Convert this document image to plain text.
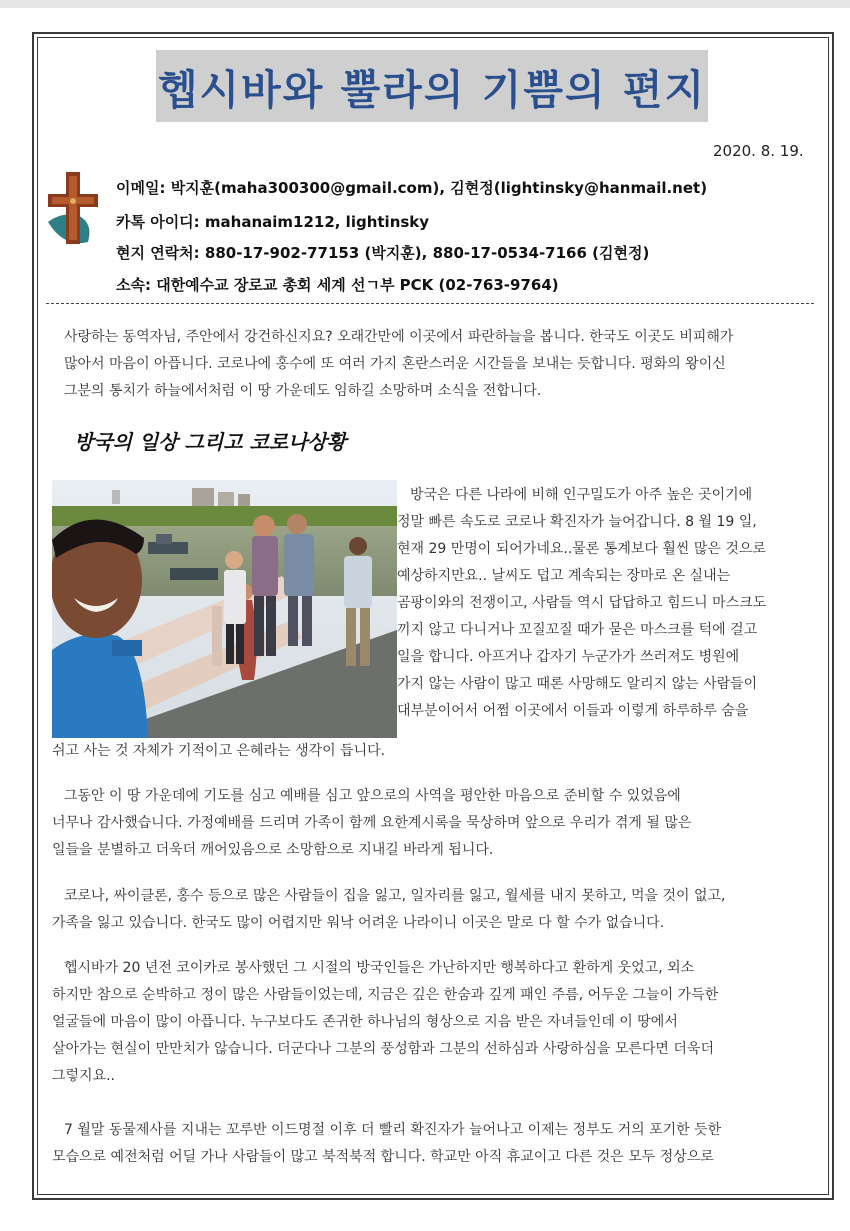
헵시바와 뿔라의 기쁨의 편지
2020. 8. 19.
이메일: 박지훈(maha300300@gmail.com), 김현정(lightinsky@hanmail.net)
카톡 아이디: mahanaim1212, lightinsky
현지 연락처: 880-17-902-77153 (박지훈), 880-17-0534-7166 (김현정)
소속: 대한예수교 장로교 총회 세계 선ㄱ부 PCK (02-763-9764)
사랑하는 동역자님, 주안에서 강건하신지요? 오래간만에 이곳에서 파란하늘을 봅니다. 한국도 이곳도 비피해가
많아서 마음이 아픕니다. 코로나에 홍수에 또 여러 가지 혼란스러운 시간들을 보내는 듯합니다. 평화의 왕이신
그분의 통치가 하늘에서처럼 이 땅 가운데도 임하길 소망하며 소식을 전합니다.
방국의 일상 그리고 코로나상황
방국은 다른 나라에 비해 인구밀도가 아주 높은 곳이기에
정말 빠른 속도로 코로나 확진자가 늘어갑니다. 8 월 19 일,
현재 29 만명이 되어가네요..물론 통계보다 훨씬 많은 것으로
예상하지만요.. 날씨도 덥고 계속되는 장마로 온 실내는
곰팡이와의 전쟁이고, 사람들 역시 답답하고 힘드니 마스크도
끼지 않고 다니거나 꼬질꼬질 때가 묻은 마스크를 턱에 걸고
일을 합니다. 아프거나 갑자기 누군가가 쓰러져도 병원에
가지 않는 사람이 많고 때론 사망해도 알리지 않는 사람들이
대부분이어서 어쩜 이곳에서 이들과 이렇게 하루하루 숨을
쉬고 사는 것 자체가 기적이고 은혜라는 생각이 듭니다.
그동안 이 땅 가운데에 기도를 심고 예배를 심고 앞으로의 사역을 평안한 마음으로 준비할 수 있었음에
너무나 감사했습니다. 가정예배를 드리며 가족이 함께 요한계시록을 묵상하며 앞으로 우리가 겪게 될 많은
일들을 분별하고 더욱더 깨어있음으로 소망함으로 지내길 바라게 됩니다.
코로나, 싸이클론, 홍수 등으로 많은 사람들이 집을 잃고, 일자리를 잃고, 월세를 내지 못하고, 먹을 것이 없고,
가족을 잃고 있습니다. 한국도 많이 어렵지만 워낙 어려운 나라이니 이곳은 말로 다 할 수가 없습니다.
헵시바가 20 년전 코이카로 봉사했던 그 시절의 방국인들은 가난하지만 행복하다고 환하게 웃었고, 외소
하지만 참으로 순박하고 정이 많은 사람들이었는데, 지금은 깊은 한숨과 깊게 패인 주름, 어두운 그늘이 가득한
얼굴들에 마음이 많이 아픕니다. 누구보다도 존귀한 하나님의 형상으로 지음 받은 자녀들인데 이 땅에서
살아가는 현실이 만만치가 않습니다. 더군다나 그분의 풍성함과 그분의 선하심과 사랑하심을 모른다면 더욱더
그렇지요..
7 월말 동물제사를 지내는 꼬루반 이드명절 이후 더 빨리 확진자가 늘어나고 이제는 정부도 거의 포기한 듯한
모습으로 예전처럼 어딜 가나 사람들이 많고 북적북적 합니다. 학교만 아직 휴교이고 다른 것은 모두 정상으로
